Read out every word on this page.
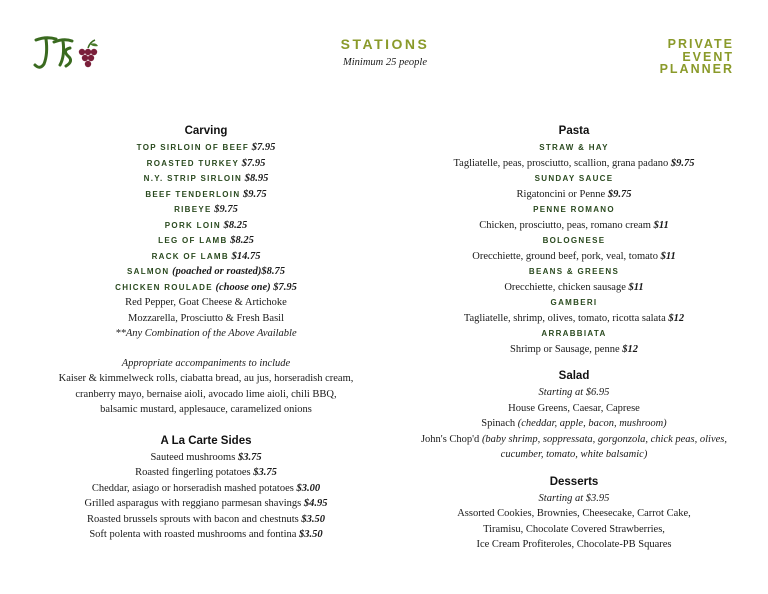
STATIONS
Minimum 25 people
PRIVATE
EVENT
PLANNER
Carving
TOP SIRLOIN OF BEEF $7.95
ROASTED TURKEY $7.95
N.Y. STRIP SIRLOIN $8.95
BEEF TENDERLOIN $9.75
RIBEYE $9.75
PORK LOIN $8.25
LEG OF LAMB $8.25
RACK OF LAMB $14.75
SALMON (poached or roasted)$8.75
CHICKEN ROULADE (choose one) $7.95
Red Pepper, Goat Cheese & Artichoke
Mozzarella, Prosciutto & Fresh Basil
**Any Combination of the Above Available
Appropriate accompaniments to include
Kaiser & kimmelweck rolls, ciabatta bread, au jus, horseradish cream,
cranberry mayo, bernaise aioli, avocado lime aioli, chili BBQ,
balsamic mustard, applesauce, caramelized onions
A La Carte Sides
Sauteed mushrooms $3.75
Roasted fingerling potatoes $3.75
Cheddar, asiago or horseradish mashed potatoes $3.00
Grilled asparagus with reggiano parmesan shavings $4.95
Roasted brussels sprouts with bacon and chestnuts $3.50
Soft polenta with roasted mushrooms and fontina $3.50
Pasta
STRAW & HAY
Tagliatelle, peas, prosciutto, scallion, grana padano $9.75
SUNDAY SAUCE
Rigatoncini or Penne $9.75
PENNE ROMANO
Chicken, prosciutto, peas, romano cream $11
BOLOGNESE
Orecchiette, ground beef, pork, veal, tomato $11
BEANS & GREENS
Orecchiette, chicken sausage $11
GAMBERI
Tagliatelle, shrimp, olives, tomato, ricotta salata $12
ARRABBIATA
Shrimp or Sausage, penne $12
Salad
Starting at $6.95
House Greens, Caesar, Caprese
Spinach (cheddar, apple, bacon, mushroom)
John's Chop'd (baby shrimp, soppressata, gorgonzola, chick peas, olives,
cucumber, tomato, white balsamic)
Desserts
Starting at $3.95
Assorted Cookies, Brownies, Cheesecake, Carrot Cake,
Tiramisu, Chocolate Covered Strawberries,
Ice Cream Profiteroles, Chocolate-PB Squares
